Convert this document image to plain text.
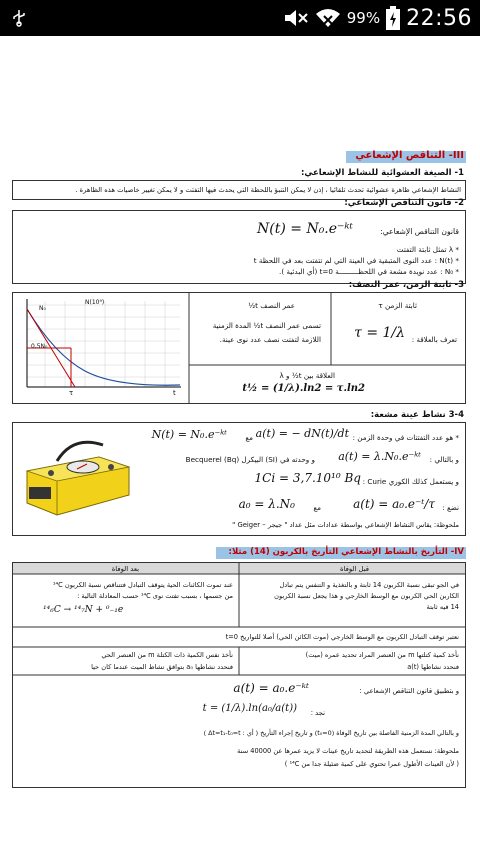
99% 22:56
III- التناقص الإشعاعي
1- الصيغة العشوائية للنشاط الإشعاعي:
النشاط الإشعاعي ظاهرة عشوائية تحدث تلقائيا ، إذن لا يمكن التنبؤ باللحظة التي يحدث فيها التفتت و لا يمكن تغيير خاصيات هذه الظاهرة .
2- قانون التناقص الإشعاعي:
قانون التناقص الإشعاعي:
N(t) = N₀.e⁻ᵏᵗ
* λ تمثل ثابتة التفتت
* N(t) : عدد النوى المتبقية في العينة التي لم تتفتت بعد في اللحظة t
* N₀ : عدد نويدة مشعة في اللحظـــــــــة t=0 (أي البدئية ).
3- ثابتة الزمن، عمر النصف:
ثابتة الزمن τ
تعرف بالعلاقة :
τ = 1/λ
عمر النصف t½
تسمى عمر النصف t½ المدة الزمنية
اللازمة لتفتت نصف عدد نوى عينة.
العلاقة بين t½ و λ
t½ = (1/λ).ln2 = τ.ln2
N₀
0,5N₀
N(10⁹)
τ	t
3-4 نشاط عينة مشعة:
* هو عدد التفتتات في وحدة الزمن :
a(t) = − dN(t)/dt
مع
N(t) = N₀.e⁻ᵏᵗ
و بالتالي :
a(t) = λ.N₀.e⁻ᵏᵗ
و وحدته في (SI) البيكرل (Bq) Becquerel
و يستعمل كذلك الكوري Curie :
1Ci = 3,7.10¹⁰ Bq
نضع :
a(t) = a₀.e⁻ᵗ/τ
مع
a₀ = λ.N₀
ملحوظة: يقاس النشاط الإشعاعي بواسطة عدادات مثل عداد " جيجر – Geiger "
IV- التأريخ بالنشاط الإشعاعي التأريخ بالكربون (14) مثلا:
قبل الوفاة
بعد الوفاة
في الجو تبقى نسبة الكربون 14 ثابتة و بالتغذية و التنفس يتم تبادل
الكاربن الحي الكربون مع الوسط الخارجي و هذا يجعل نسبة الكربون
14 فيه ثابتة
عند تموت الكائنات الحية يتوقف التبادل فتتناقص نسبة الكربون ¹⁴C
من جسمها ، بسبب تفتت نوى ¹⁴C حسب المعادلة التالية :
¹⁴₆C → ¹⁴₇N + ⁰₋₁e
نعتبر توقف التبادل الكربون مع الوسط الخارجي (موت الكائن الحي) أصلا للتواريخ t=0
نأخذ كمية كتلتها m من العنصر المراد تحديد عمره (ميت)
فنحدد نشاطها a(t)
نأخذ نفس الكمية ذات الكتلة m من العنصر الحي
فنحدد نشاطها a₀ بتوافق نشاط الميت عندما كان حيا
و بتطبيق قانون التناقص الإشعاعي :
a(t) = a₀.e⁻ᵏᵗ
نجد :
t = (1/λ).ln(a₀/a(t))
و بالتالي المدة الزمنية الفاصلة بين تاريخ الوفاة (t₀=0) و تاريخ إجراء التأريخ ( أي : Δt=t₁-t₀=t )
ملحوظة: نستعمل هذه الطريقة لتحديد تاريخ عينات لا يزيد عمرها عن 40000 سنة
( لأن العينات الأطول عمرا تحتوي على كمية ضئيلة جدا من ¹⁴C )
